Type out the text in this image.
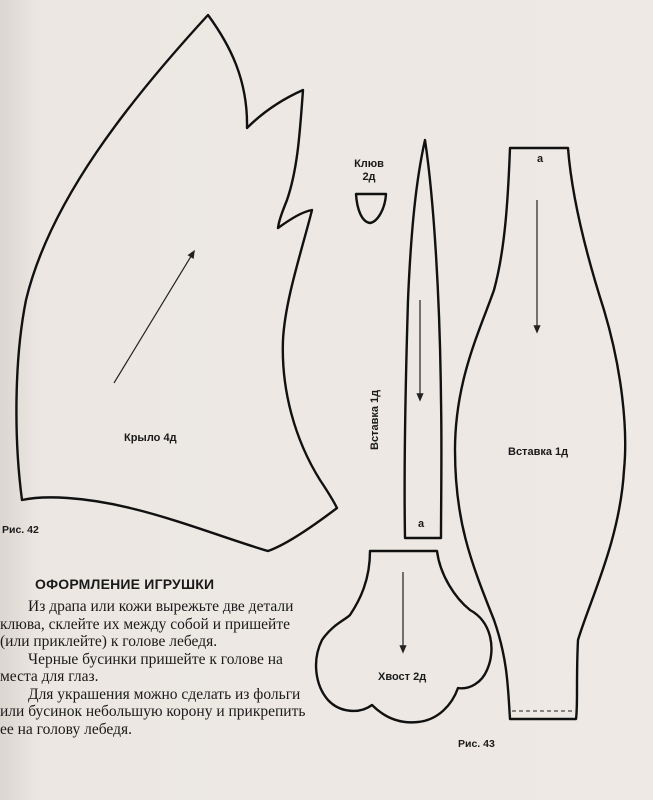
Крыло 4д
Клюв
2д
Вставка 1д
а
Вставка 1д
а
Хвост 2д
Рис. 42
Рис. 43
ОФОРМЛЕНИЕ ИГРУШКИ

Из драпа или кожи вырежьте две детали клюва, склейте их между собой и пришейте (или приклейте) к голове лебедя.

Черные бусинки пришейте к голове на места для глаз.

Для украшения можно сделать из фольги или бусинок небольшую корону и прикрепить ее на голову лебедя.
